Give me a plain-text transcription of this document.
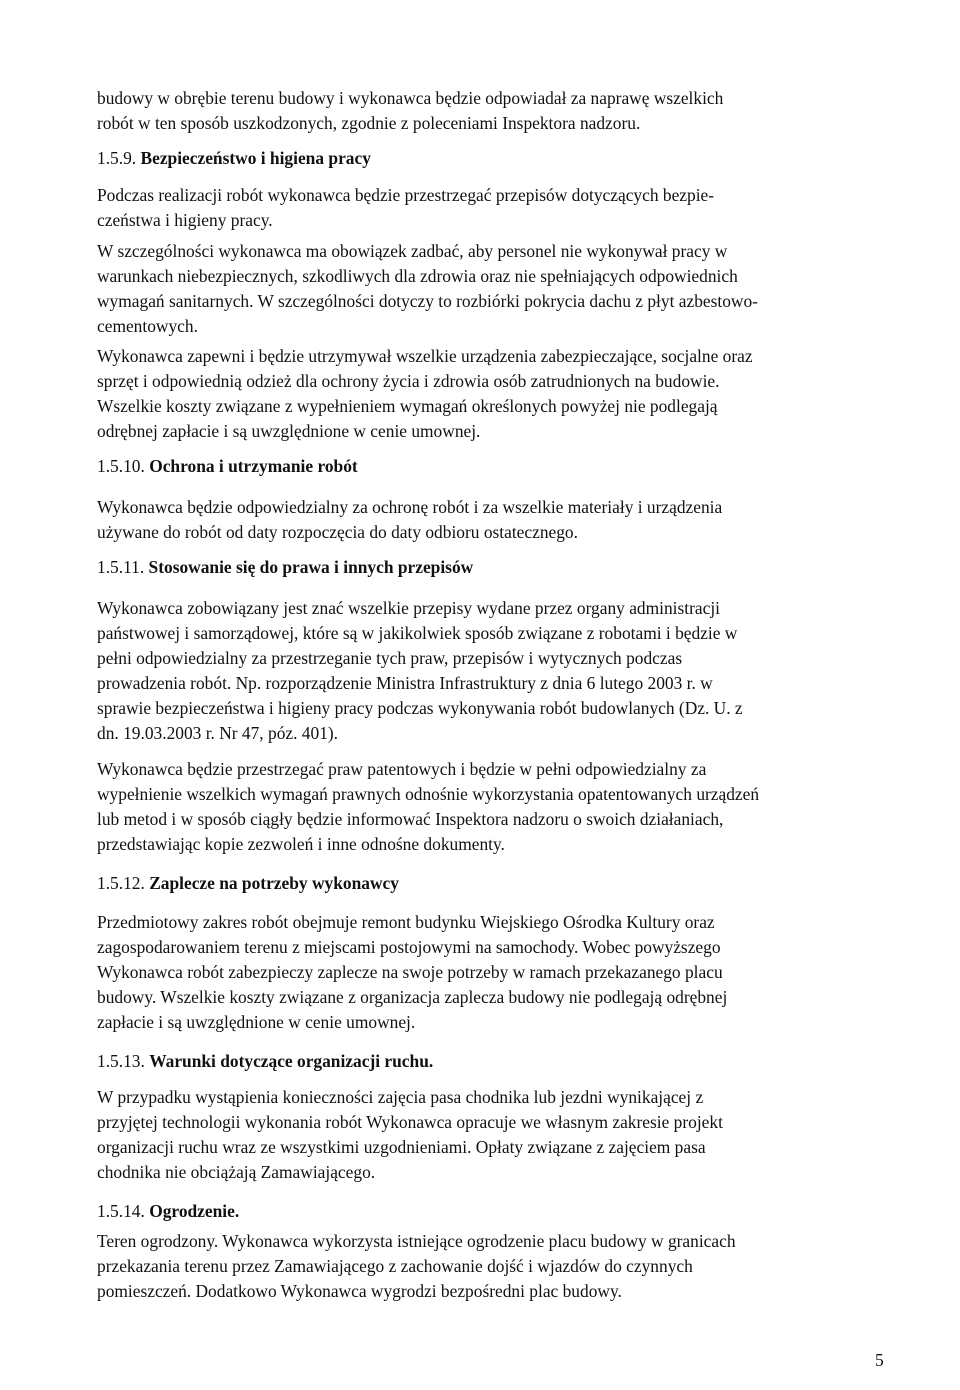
budowy w obrębie terenu budowy i wykonawca będzie odpowiadał za naprawę wszelkich
robót w ten sposób uszkodzonych, zgodnie z poleceniami Inspektora nadzoru.

1.5.9. Bezpieczeństwo i higiena pracy

Podczas realizacji robót wykonawca będzie przestrzegać przepisów dotyczących bezpie-
czeństwa i higieny pracy.

W szczególności wykonawca ma obowiązek zadbać, aby personel nie wykonywał pracy w
warunkach niebezpiecznych, szkodliwych dla zdrowia oraz nie spełniających odpowiednich
wymagań sanitarnych. W szczególności dotyczy to rozbiórki pokrycia dachu z płyt azbestowo-
cementowych.

Wykonawca zapewni i będzie utrzymywał wszelkie urządzenia zabezpieczające, socjalne oraz
sprzęt i odpowiednią odzież dla ochrony życia i zdrowia osób zatrudnionych na budowie.
Wszelkie koszty związane z wypełnieniem wymagań określonych powyżej nie podlegają
odrębnej zapłacie i są uwzględnione w cenie umownej.

1.5.10. Ochrona i utrzymanie robót

Wykonawca będzie odpowiedzialny za ochronę robót i za wszelkie materiały i urządzenia
używane do robót od daty rozpoczęcia do daty odbioru ostatecznego.

1.5.11. Stosowanie się do prawa i innych przepisów

Wykonawca zobowiązany jest znać wszelkie przepisy wydane przez organy administracji
państwowej i samorządowej, które są w jakikolwiek sposób związane z robotami i będzie w
pełni odpowiedzialny za przestrzeganie tych praw, przepisów i wytycznych podczas
prowadzenia robót. Np. rozporządzenie Ministra Infrastruktury z dnia 6 lutego 2003 r. w
sprawie bezpieczeństwa i higieny pracy podczas wykonywania robót budowlanych (Dz. U. z
dn. 19.03.2003 r. Nr 47, póz. 401).

Wykonawca będzie przestrzegać praw patentowych i będzie w pełni odpowiedzialny za
wypełnienie wszelkich wymagań prawnych odnośnie wykorzystania opatentowanych urządzeń
lub metod i w sposób ciągły będzie informować Inspektora nadzoru o swoich działaniach,
przedstawiając kopie zezwoleń i inne odnośne dokumenty.

1.5.12. Zaplecze na potrzeby wykonawcy

Przedmiotowy zakres robót obejmuje remont budynku Wiejskiego Ośrodka Kultury oraz
zagospodarowaniem terenu z miejscami postojowymi na samochody. Wobec powyższego
Wykonawca robót zabezpieczy zaplecze na swoje potrzeby w ramach przekazanego placu
budowy. Wszelkie koszty związane z organizacja zaplecza budowy nie podlegają odrębnej
zapłacie i są uwzględnione w cenie umownej.

1.5.13. Warunki dotyczące organizacji ruchu.

W przypadku wystąpienia konieczności zajęcia pasa chodnika lub jezdni wynikającej z
przyjętej technologii wykonania robót Wykonawca opracuje we własnym zakresie projekt
organizacji ruchu wraz ze wszystkimi uzgodnieniami. Opłaty związane z zajęciem pasa
chodnika nie obciążają Zamawiającego.

1.5.14. Ogrodzenie.

Teren ogrodzony. Wykonawca wykorzysta istniejące ogrodzenie placu budowy w granicach
przekazania terenu przez Zamawiającego z zachowanie dojść i wjazdów do czynnych
pomieszczeń. Dodatkowo Wykonawca wygrodzi bezpośredni plac budowy.

5
